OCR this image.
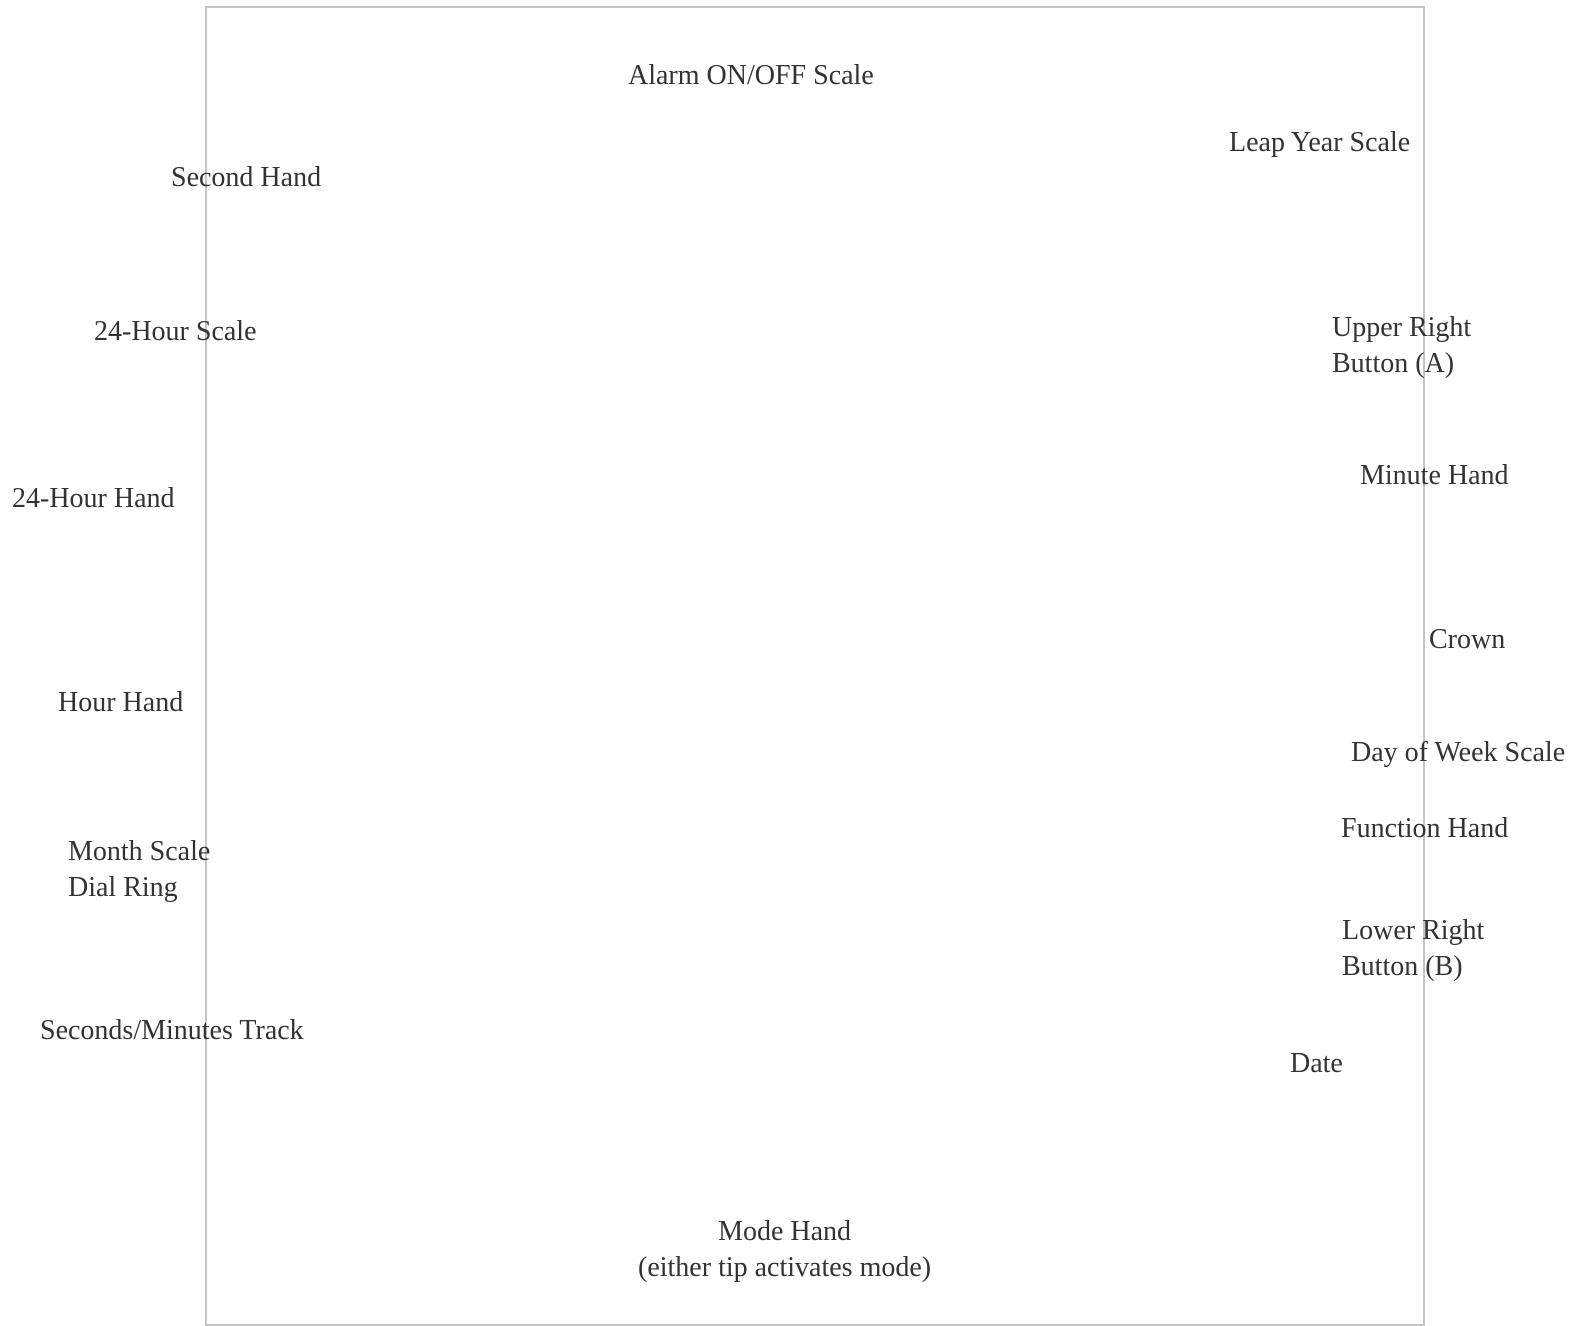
Alarm ON/OFF Scale
Leap Year Scale
Second Hand
24-Hour Scale	Upper Right
Button (A)
24-Hour Hand
Minute Hand
Crown
Hour Hand
Day of Week Scale
Function Hand
Month Scale
Dial Ring
Lower Right
Button (B)
Seconds/Minutes Track
Date
Mode Hand
(either tip activates mode)
